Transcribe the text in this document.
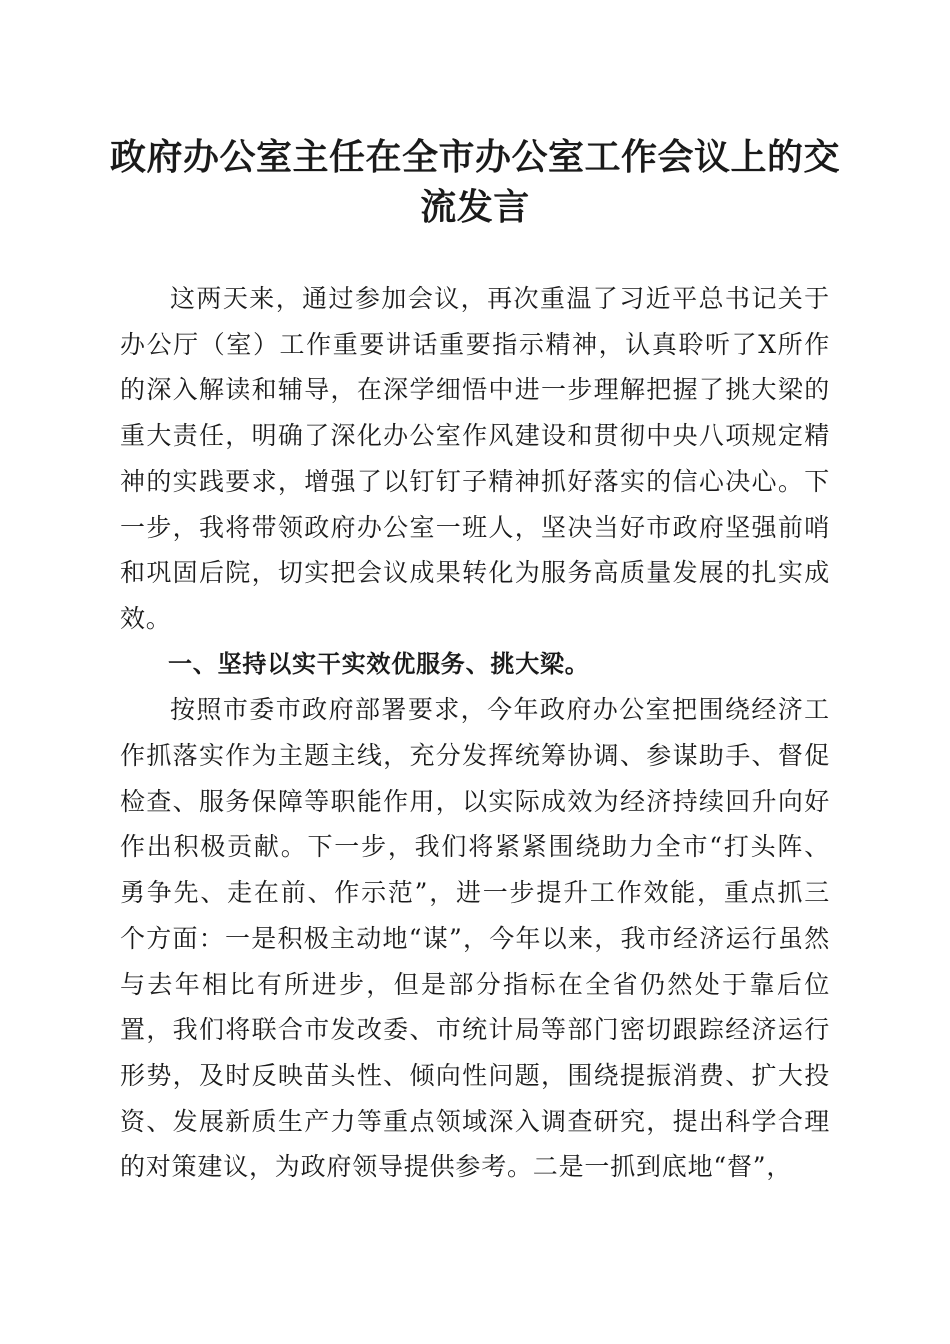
政府办公室主任在全市办公室工作会议上的交流发言

这两天来，通过参加会议，再次重温了习近平总书记关于办公厅（室）工作重要讲话重要指示精神，认真聆听了X所作的深入解读和辅导，在深学细悟中进一步理解把握了挑大梁的重大责任，明确了深化办公室作风建设和贯彻中央八项规定精神的实践要求，增强了以钉钉子精神抓好落实的信心决心。下一步，我将带领政府办公室一班人，坚决当好市政府坚强前哨和巩固后院，切实把会议成果转化为服务高质量发展的扎实成效。

一、坚持以实干实效优服务、挑大梁。

按照市委市政府部署要求，今年政府办公室把围绕经济工作抓落实作为主题主线，充分发挥统筹协调、参谋助手、督促检查、服务保障等职能作用，以实际成效为经济持续回升向好作出积极贡献。下一步，我们将紧紧围绕助力全市“打头阵、勇争先、走在前、作示范”，进一步提升工作效能，重点抓三个方面：一是积极主动地“谋”，今年以来，我市经济运行虽然与去年相比有所进步，但是部分指标在全省仍然处于靠后位置，我们将联合市发改委、市统计局等部门密切跟踪经济运行形势，及时反映苗头性、倾向性问题，围绕提振消费、扩大投资、发展新质生产力等重点领域深入调查研究，提出科学合理的对策建议，为政府领导提供参考。二是一抓到底地“督”，
